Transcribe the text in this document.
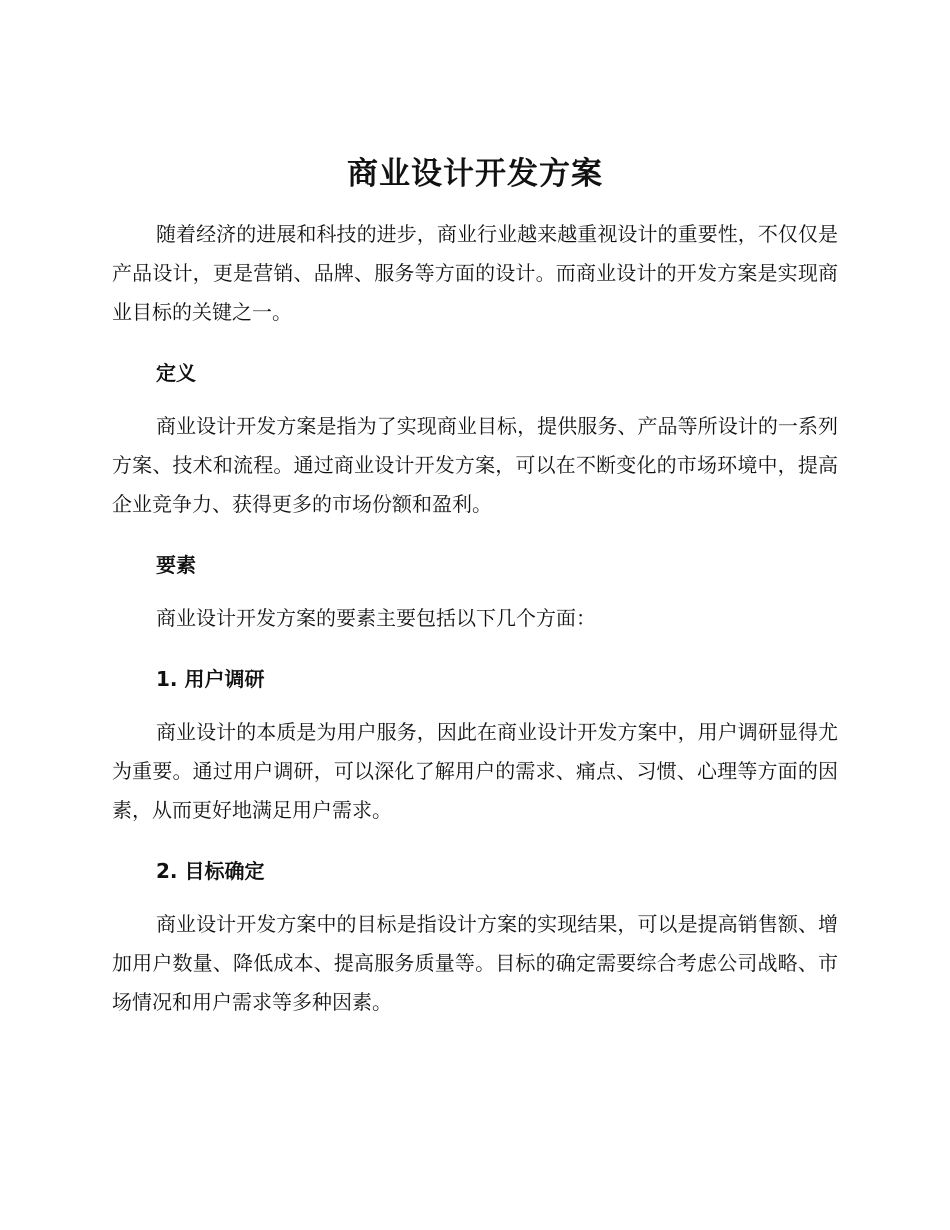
商业设计开发方案

随着经济的进展和科技的进步，商业行业越来越重视设计的重要性，不仅仅是产品设计，更是营销、品牌、服务等方面的设计。而商业设计的开发方案是实现商业目标的关键之一。

定义

商业设计开发方案是指为了实现商业目标，提供服务、产品等所设计的一系列方案、技术和流程。通过商业设计开发方案，可以在不断变化的市场环境中，提高企业竞争力、获得更多的市场份额和盈利。

要素

商业设计开发方案的要素主要包括以下几个方面：

1. 用户调研

商业设计的本质是为用户服务，因此在商业设计开发方案中，用户调研显得尤为重要。通过用户调研，可以深化了解用户的需求、痛点、习惯、心理等方面的因素，从而更好地满足用户需求。

2. 目标确定

商业设计开发方案中的目标是指设计方案的实现结果，可以是提高销售额、增加用户数量、降低成本、提高服务质量等。目标的确定需要综合考虑公司战略、市场情况和用户需求等多种因素。
